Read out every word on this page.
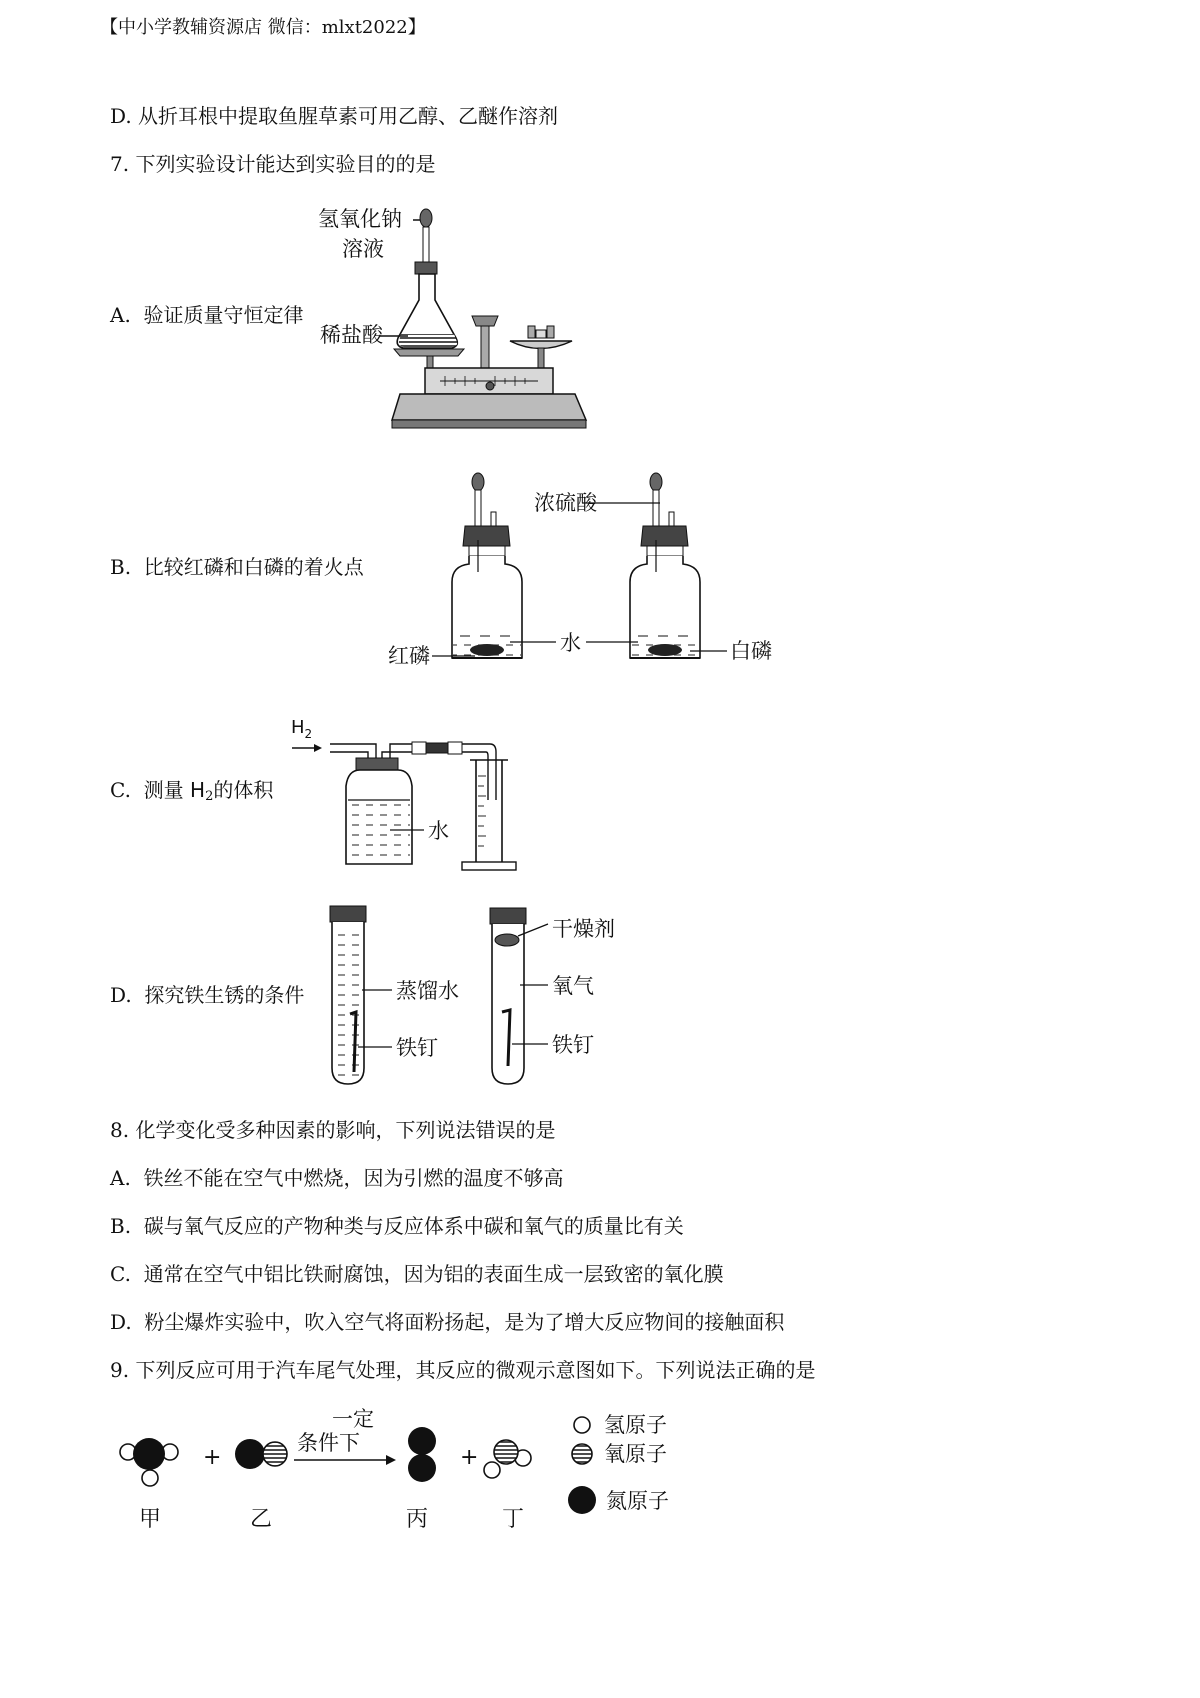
【中小学教辅资源店 微信：mlxt2022】
D. 从折耳根中提取鱼腥草素可用乙醇、乙醚作溶剂
7. 下列实验设计能达到实验目的的是
A. 验证质量守恒定律
B. 比较红磷和白磷的着火点
C. 测量 $H_2$的体积
D. 探究铁生锈的条件
8. 化学变化受多种因素的影响，下列说法错误的是
A. 铁丝不能在空气中燃烧，因为引燃的温度不够高
B. 碳与氧气反应的产物种类与反应体系中碳和氧气的质量比有关
C. 通常在空气中铝比铁耐腐蚀，因为铝的表面生成一层致密的氧化膜
D. 粉尘爆炸实验中，吹入空气将面粉扬起，是为了增大反应物间的接触面积
9. 下列反应可用于汽车尾气处理，其反应的微观示意图如下。下列说法正确的是
氢氧化钠
溶液
稀盐酸
浓硫酸
红磷
水	白磷
$H_2$
水
蒸馏水
铁钉
干燥剂
氧气
铁钉
+
一定
条件下
+
甲	乙	丙	丁
氢原子
氧原子
氮原子
